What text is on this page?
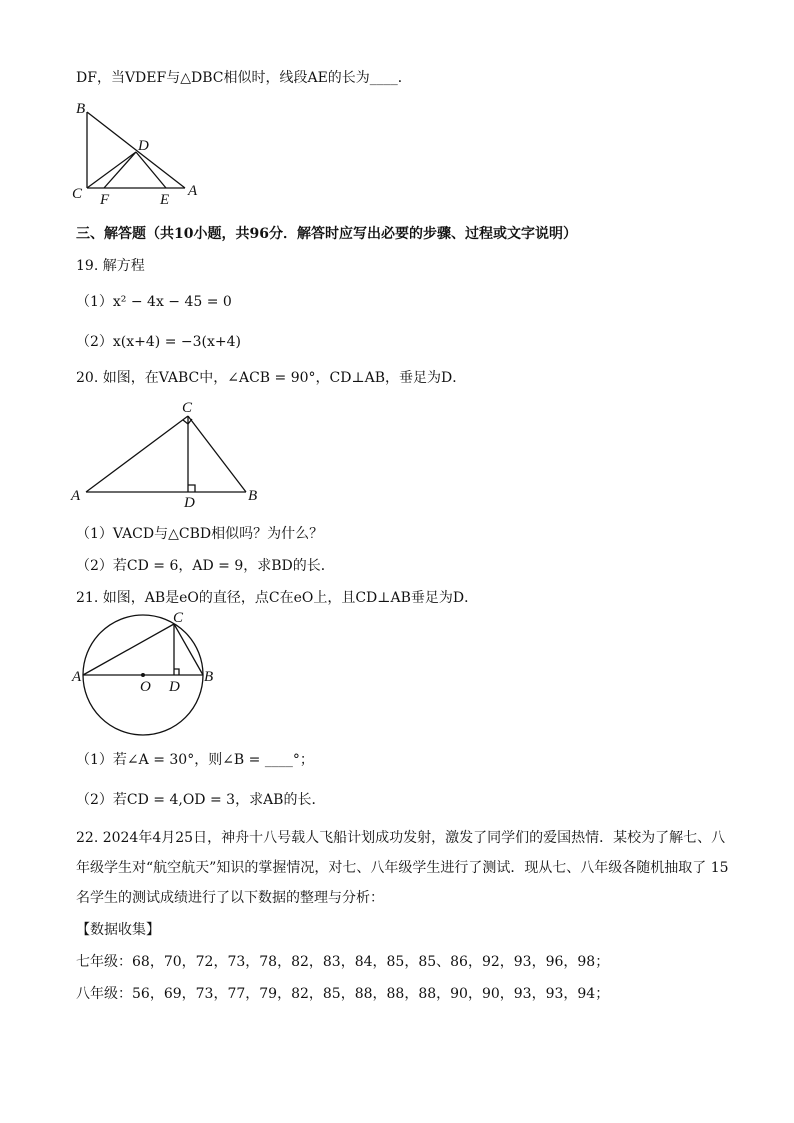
DF，当VDEF与△DBC相似时，线段AE的长为____．
B
D
C F	E
A
三、解答题（共10小题，共96分．解答时应写出必要的步骤、过程或文字说明）
19. 解方程
（1）x² − 4x − 45 = 0
（2）x(x+4) = −3(x+4)
20. 如图，在VABC中，∠ACB = 90°，CD⊥AB，垂足为D．
C
A	D	B
（1）VACD与△CBD相似吗？为什么？
（2）若CD = 6，AD = 9，求BD的长．
21. 如图，AB是eO的直径，点C在eO上，且CD⊥AB垂足为D．
C
A
O D
B
（1）若∠A = 30°，则∠B = ____°；
（2）若CD = 4,OD = 3，求AB的长．
22. 2024年4月25日，神舟十八号载人飞船计划成功发射，激发了同学们的爱国热情．某校为了解七、八
年级学生对“航空航天”知识的掌握情况，对七、八年级学生进行了测试．现从七、八年级各随机抽取了 15
名学生的测试成绩进行了以下数据的整理与分析：
【数据收集】
七年级：68，70，72，73，78，82，83，84，85，85、86，92，93，96，98；
八年级：56，69，73，77，79，82，85，88，88，88，90，90，93，93，94；
